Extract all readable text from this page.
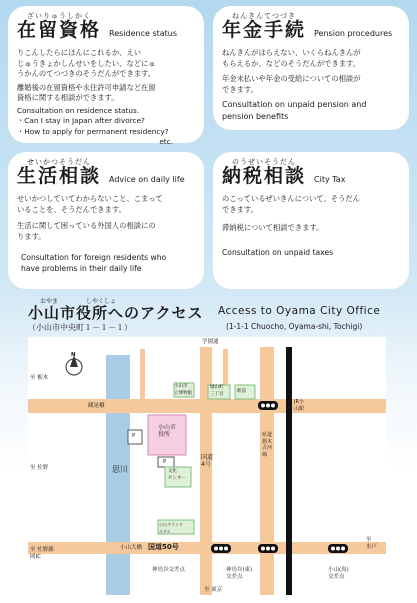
ざいりゅうしかく
在留資格 Residence status

りこんしたらにほんにこれるか、えい

じゅうきょかしんせいをしたい、などにゅ

うかんのてつづきのそうだんができます。

離婚後の在留資格や永住許可申請など在留

資格に関する相談ができます。

Consultation on residence status.

・Can I stay in Japan after divorce?

・How to apply for permanent residency?

etc.

ねんきんてつづき
年金手続 Pension procedures

ねんきんがはらえない、いくらねんきんが

もらえるか、などのそうだんができます。

年金未払いや年金の受給についての相談が

できます。

Consultation on unpaid pension and

pension benefits

せいかつそうだん
生活相談 Advice on daily life

せいかつしていてわからないこと、こまって

いることを、そうだんできます。

生活に関して困っている外国人の相談にの

ります。

Consultation for foreign residents who

have problems in their daily life

のうぜいそうだん
納税相談 City Tax

のこっているぜいきんについて、そうだん

できます。

滞納税について相談できます。

Consultation on unpaid taxes

おやま	しやくしょ
小山市役所へのアクセス
（小山市中央町１－１－１）
Access to Oyama City Office
(1-1-1 Chuocho, Oyama-shi, Tochigi)
N
学園通
至 栃木
至 佐野
至 佐野藤岡IC
思川
観晃橋
小山市
役所
P
P
小山市
立博物館
城山町
三丁目	駅前
文化
センター
国道
4号
小山グランド
ホテル
小山大橋 国道50号
神鳥谷交差点	神鳥谷(東)
交差点
小山(馬)
交差点
県道栃木古河線
JR小山駅
至
水戸
至 東京
